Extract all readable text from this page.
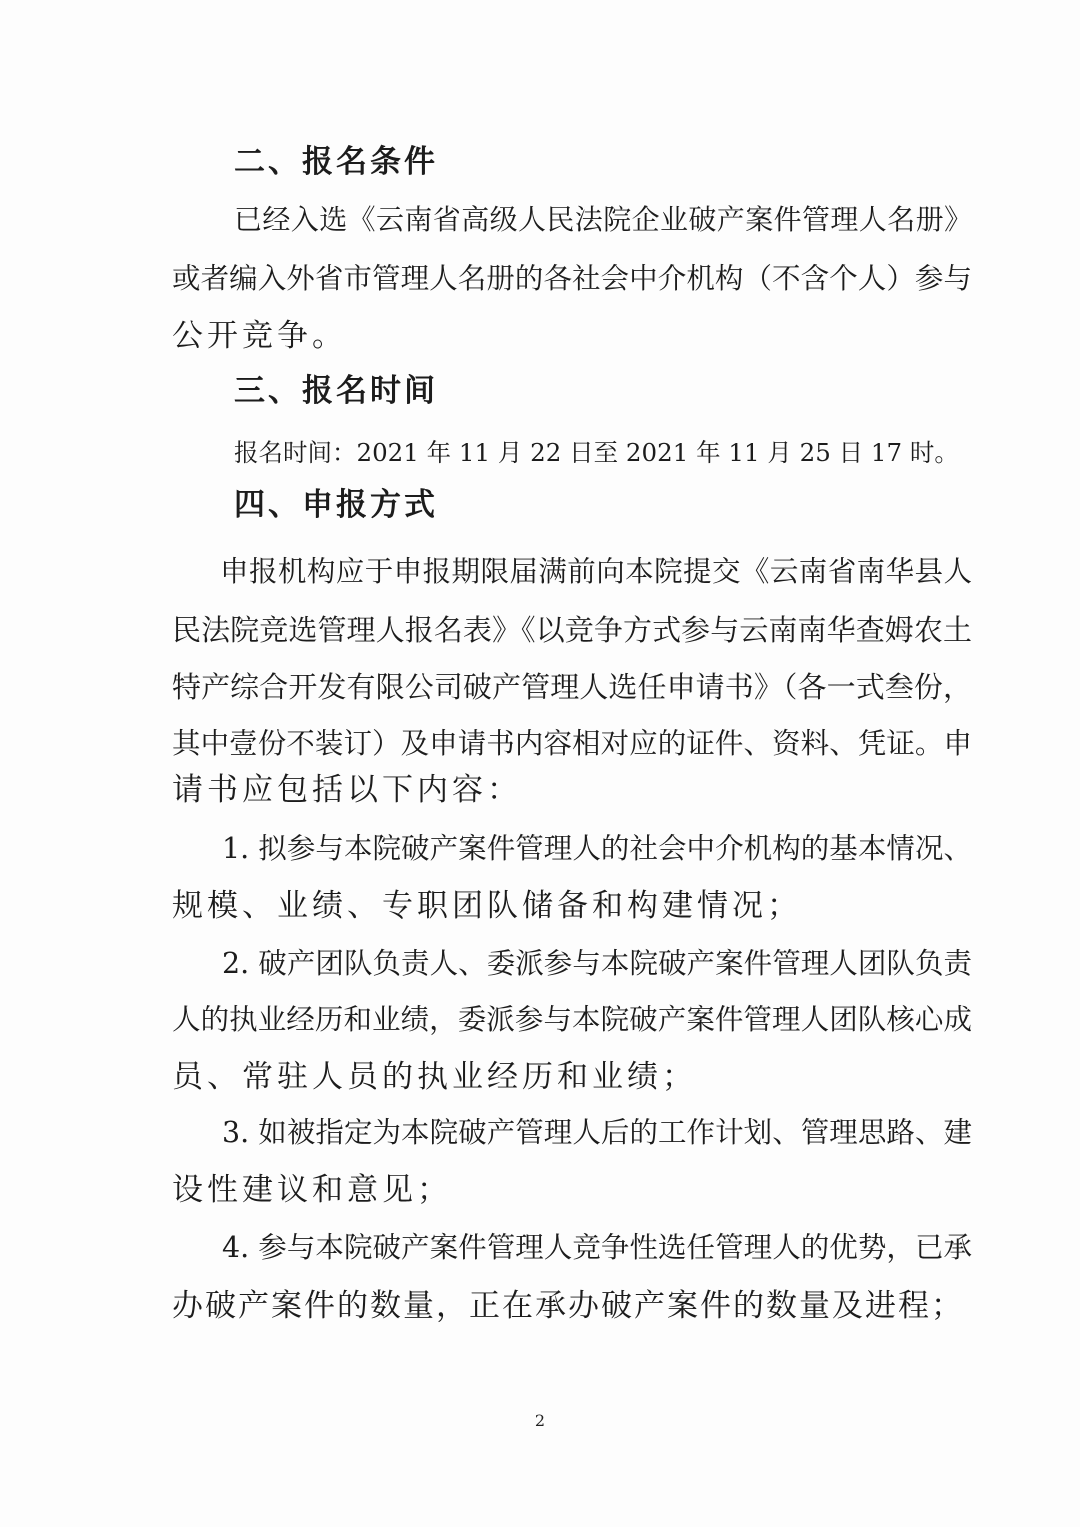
二、报名条件
已经入选《云南省高级人民法院企业破产案件管理人名册》
或者编入外省市管理人名册的各社会中介机构（不含个人）参与
公开竞争。
三、报名时间
报名时间：2021 年 11 月 22 日至 2021 年 11 月 25 日 17 时。
四、申报方式
申报机构应于申报期限届满前向本院提交《云南省南华县人
民法院竞选管理人报名表》《以竞争方式参与云南南华查姆农土
特产综合开发有限公司破产管理人选任申请书》（各一式叁份，
其中壹份不装订）及申请书内容相对应的证件、资料、凭证。申
请书应包括以下内容：
1. 拟参与本院破产案件管理人的社会中介机构的基本情况、
规模、业绩、专职团队储备和构建情况；
2. 破产团队负责人、委派参与本院破产案件管理人团队负责
人的执业经历和业绩，委派参与本院破产案件管理人团队核心成
员、常驻人员的执业经历和业绩；
3. 如被指定为本院破产管理人后的工作计划、管理思路、建
设性建议和意见；
4. 参与本院破产案件管理人竞争性选任管理人的优势，已承
办破产案件的数量，正在承办破产案件的数量及进程；
2
